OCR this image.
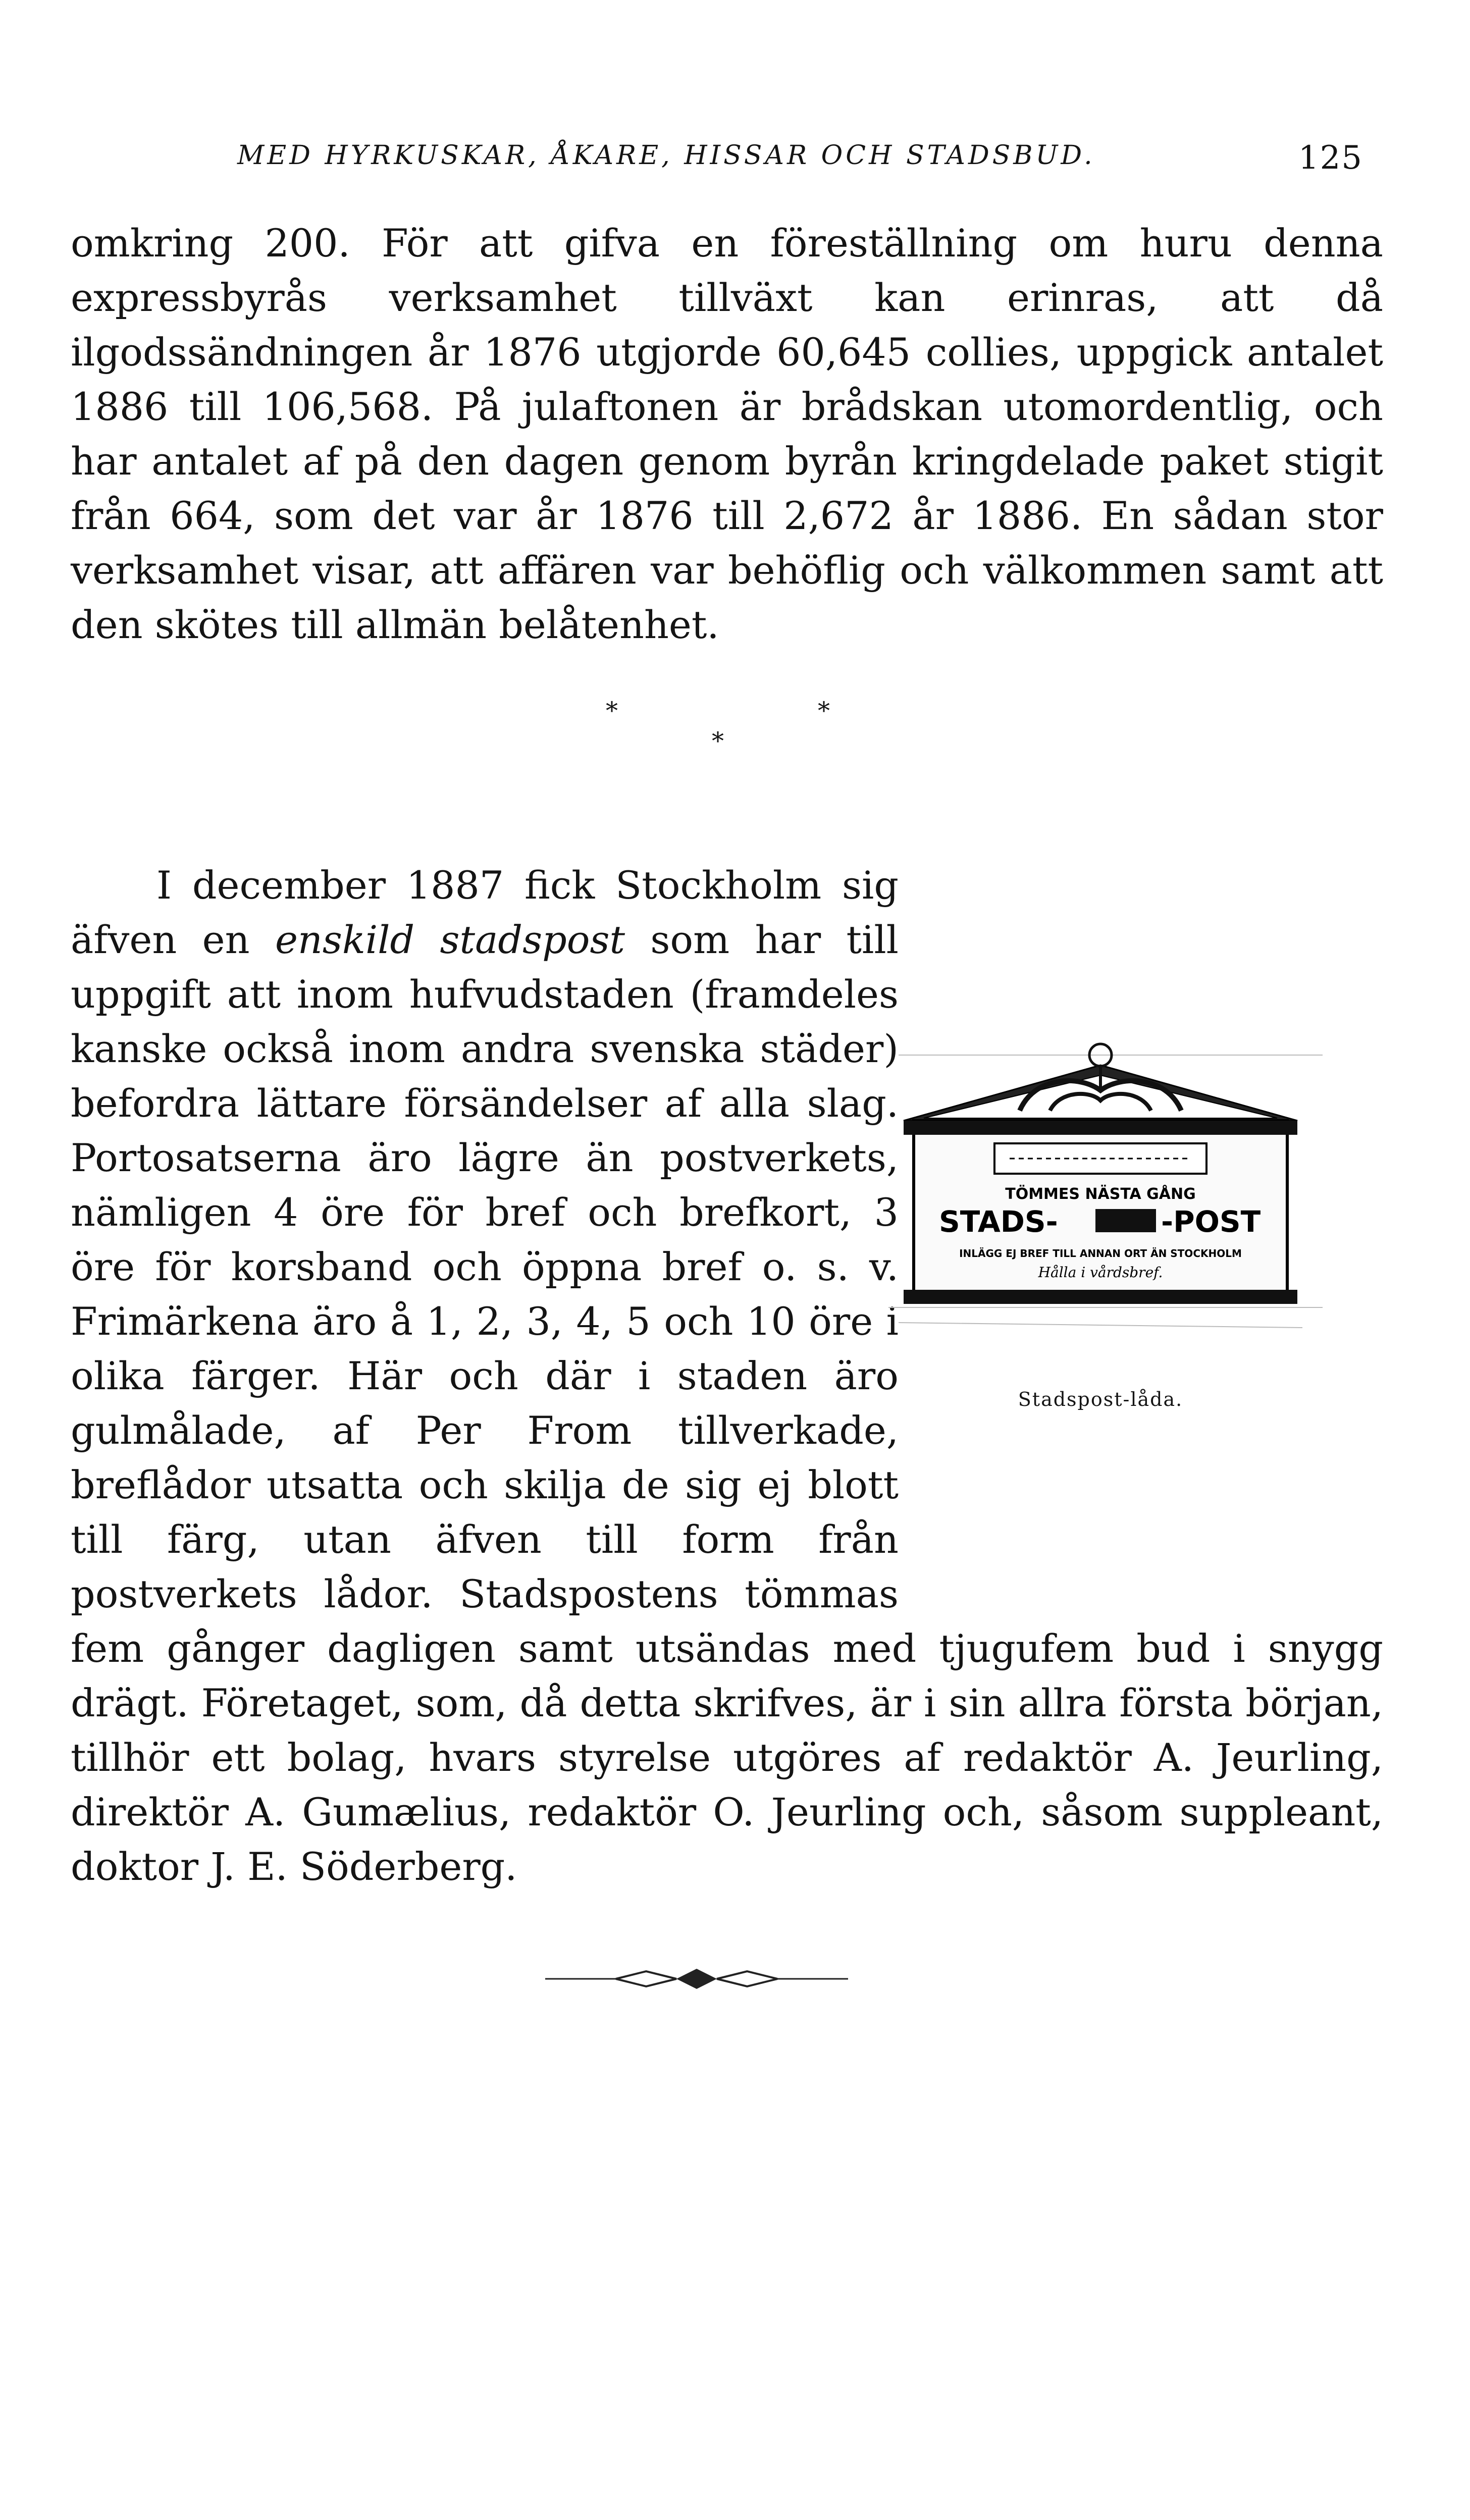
MED HYRKUSKAR, ÅKARE, HISSAR OCH STADSBUD.	125

omkring 200. För att gifva en föreställning om huru denna expressbyrås verksamhet tillväxt kan erinras, att då ilgodssändningen år 1876 utgjorde 60,645 collies, uppgick antalet 1886 till 106,568. På julaftonen är brådskan utomordentlig, och har antalet af på den dagen genom byrån kringdelade paket stigit från 664, som det var år 1876 till 2,672 år 1886. En sådan stor verksamhet visar, att affären var behöflig och välkommen samt att den skötes till allmän belåtenhet.

*	*
*
I december 1887 fick Stockholm sig äfven en enskild stadspost som har till uppgift att inom hufvudstaden (framdeles kanske också inom andra svenska städer) befordra lättare försändelser af alla slag. Portosatserna äro lägre än postverkets, nämligen 4 öre för bref och brefkort, 3 öre för korsband och öppna bref o. s. v. Frimärkena äro å 1, 2, 3, 4, 5 och 10 öre i olika färger. Här och där i staden äro gulmålade, af Per From tillverkade, breflådor utsatta och skilja de sig ej blott till färg, utan äfven till form från postverkets lådor. Stadspostens tömmas fem gånger dagligen samt utsändas med tjugufem bud i snygg drägt. Företaget, som, då detta skrifves, är i sin allra första början, tillhör ett bolag, hvars styrelse utgöres af redaktör A. Jeurling, direktör A. Gumælius, redaktör O. Jeurling och, såsom suppleant, doktor J. E. Söderberg.
TÖMMES NÄSTA GÅNG
STADS-	-POST
INLÄGG EJ BREF TILL ANNAN ORT ÄN STOCKHOLM
Hålla i vårdsbref.
Stadspost-låda.
